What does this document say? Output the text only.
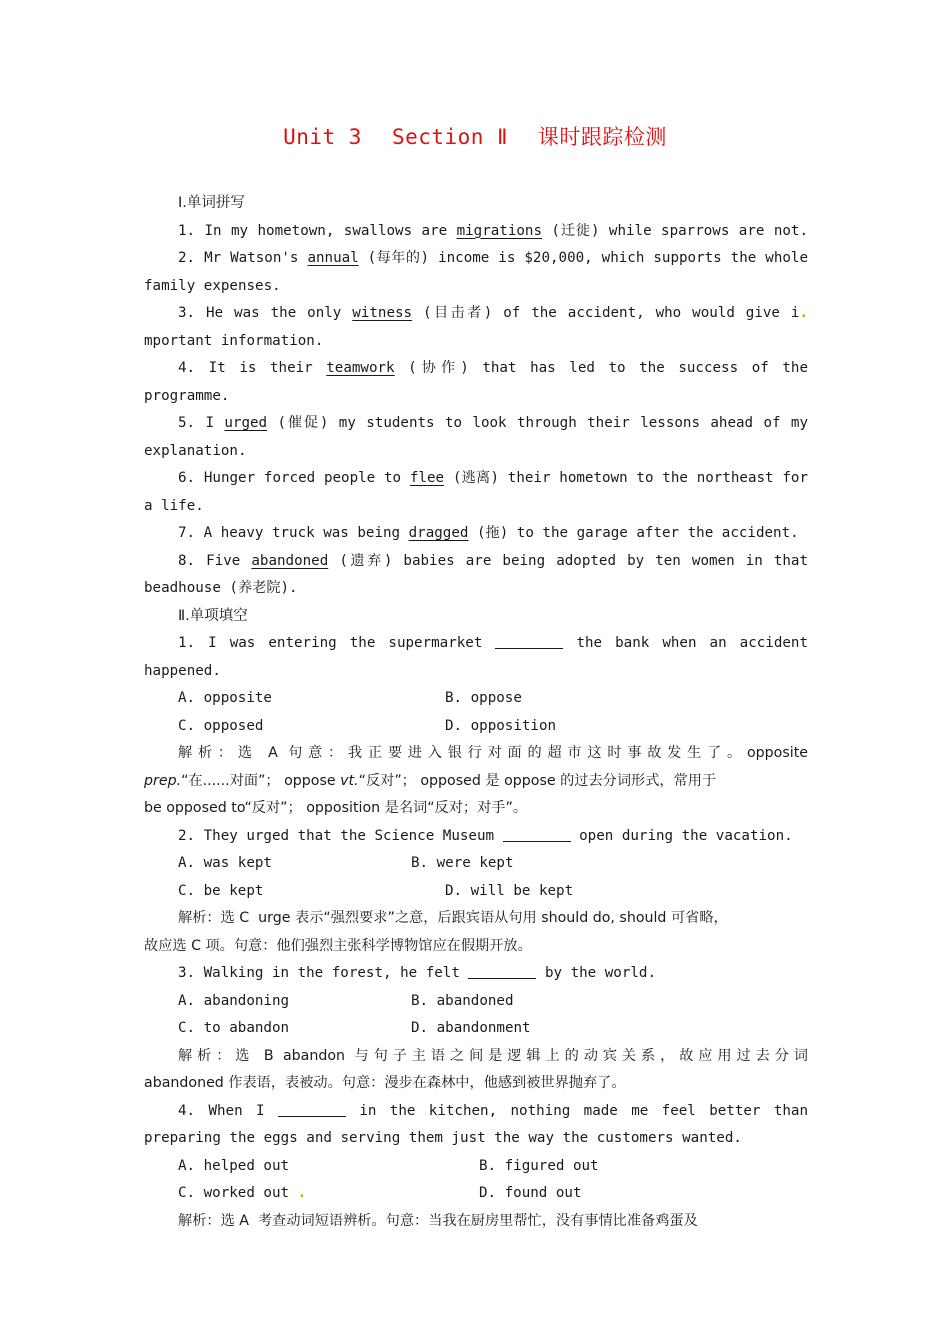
Unit 3 Section Ⅱ 课时跟踪检测
Ⅰ.单词拼写
1. In my hometown, swallows are migrations (迁徙) while sparrows are not.
2. Mr Watson's annual (每年的) income is $20,000, which supports the whole
family expenses.
3. He was the only witness (目击者) of the accident, who would give i.
mportant information.
4. It is their teamwork (协作) that has led to the success of the
programme.
5. I urged (催促) my students to look through their lessons ahead of my
explanation.
6. Hunger forced people to flee (逃离) their hometown to the northeast for
a life.
7. A heavy truck was being dragged (拖) to the garage after the accident.
8. Five abandoned (遗弃) babies are being adopted by ten women in that
beadhouse (养老院).
Ⅱ.单项填空
1. I was entering the supermarket	the bank when an accident
happened.
A. opposite	B. oppose
C. opposed	D. opposition
解析：选 A 句意：我正要进入银行对面的超市这时事故发生了。opposite
prep.“在......对面”； oppose vt.“反对”； opposed 是 oppose 的过去分词形式，常用于
be opposed to“反对”； opposition 是名词“反对；对手”。
2. They urged that the Science Museum	open during the vacation.
A. was kept	B. were kept
C. be kept	D. will be kept
解析：选 C  urge 表示“强烈要求”之意，后跟宾语从句用 should do, should 可省略，
故应选 C 项。句意：他们强烈主张科学博物馆应在假期开放。
3. Walking in the forest, he felt	by the world.
A. abandoning	B. abandoned
C. to abandon	D. abandonment
解析：选 B abandon 与句子主语之间是逻辑上的动宾关系，故应用过去分词
abandoned 作表语，表被动。句意：漫步在森林中，他感到被世界抛弃了。
4. When I	in the kitchen, nothing made me feel better than
preparing the eggs and serving them just the way the customers wanted.
A. helped out	B. figured out
C. worked out .	D. found out
解析：选 A  考查动词短语辨析。句意：当我在厨房里帮忙，没有事情比准备鸡蛋及
